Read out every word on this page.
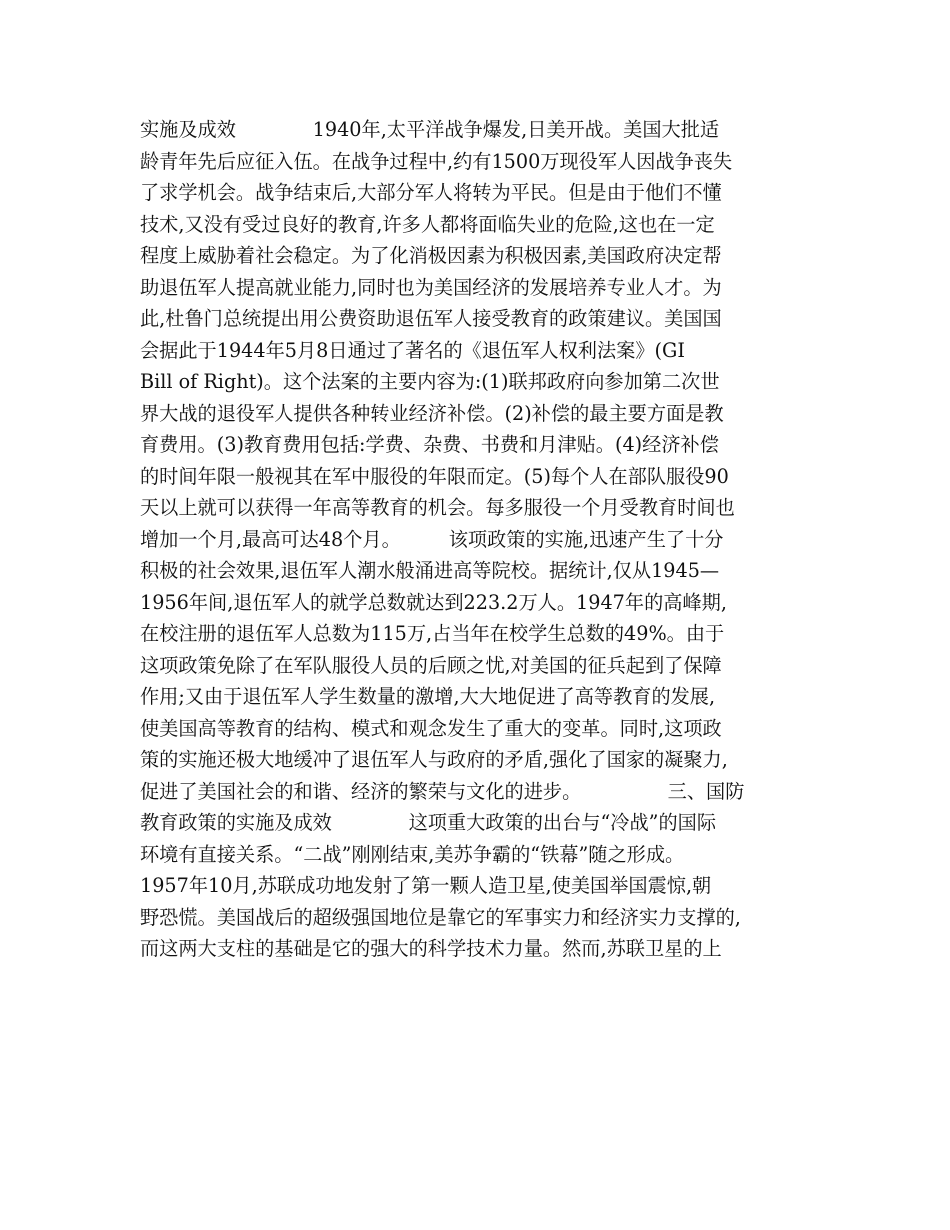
实施及成效　　　　1940年,太平洋战争爆发,日美开战。美国大批适
龄青年先后应征入伍。在战争过程中,约有1500万现役军人因战争丧失
了求学机会。战争结束后,大部分军人将转为平民。但是由于他们不懂
技术,又没有受过良好的教育,许多人都将面临失业的危险,这也在一定
程度上威胁着社会稳定。为了化消极因素为积极因素,美国政府决定帮
助退伍军人提高就业能力,同时也为美国经济的发展培养专业人才。为
此,杜鲁门总统提出用公费资助退伍军人接受教育的政策建议。美国国
会据此于1944年5月8日通过了著名的《退伍军人权利法案》(GI
Bill of Right)。这个法案的主要内容为:(1)联邦政府向参加第二次世
界大战的退役军人提供各种转业经济补偿。(2)补偿的最主要方面是教
育费用。(3)教育费用包括:学费、杂费、书费和月津贴。(4)经济补偿
的时间年限一般视其在军中服役的年限而定。(5)每个人在部队服役90
天以上就可以获得一年高等教育的机会。每多服役一个月受教育时间也
增加一个月,最高可达48个月。　　　该项政策的实施,迅速产生了十分
积极的社会效果,退伍军人潮水般涌进高等院校。据统计,仅从1945—
1956年间,退伍军人的就学总数就达到223.2万人。1947年的高峰期,
在校注册的退伍军人总数为115万,占当年在校学生总数的49%。由于
这项政策免除了在军队服役人员的后顾之忧,对美国的征兵起到了保障
作用;又由于退伍军人学生数量的激增,大大地促进了高等教育的发展,
使美国高等教育的结构、模式和观念发生了重大的变革。同时,这项政
策的实施还极大地缓冲了退伍军人与政府的矛盾,强化了国家的凝聚力,
促进了美国社会的和谐、经济的繁荣与文化的进步。　　　　　三、国防
教育政策的实施及成效　　　　这项重大政策的出台与“冷战”的国际
环境有直接关系。“二战”刚刚结束,美苏争霸的“铁幕”随之形成。
1957年10月,苏联成功地发射了第一颗人造卫星,使美国举国震惊,朝
野恐慌。美国战后的超级强国地位是靠它的军事实力和经济实力支撑的,
而这两大支柱的基础是它的强大的科学技术力量。然而,苏联卫星的上
